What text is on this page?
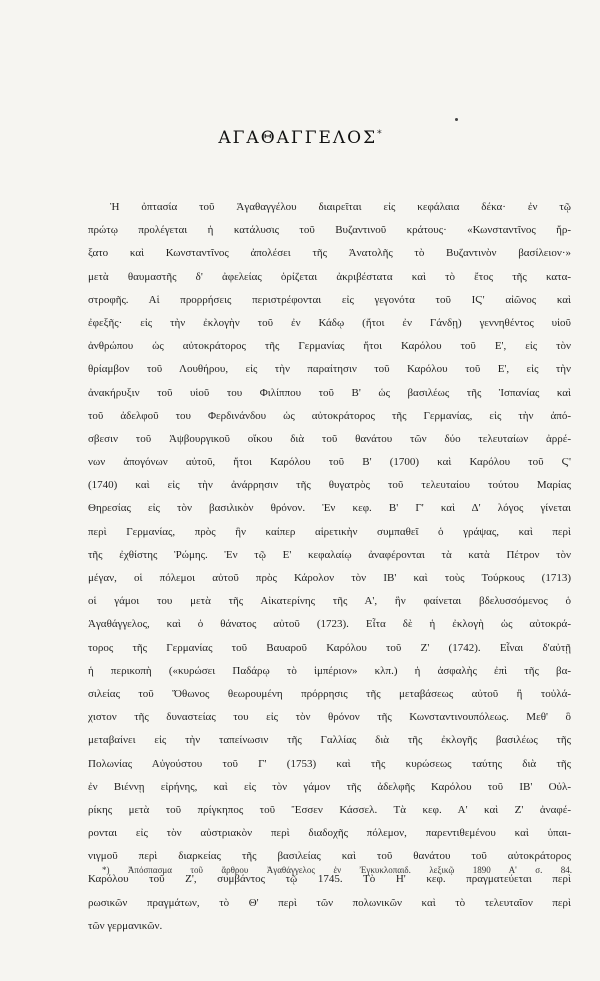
ΑΓΑΘΑΓΓΕΛΟΣ*
Ἡ ὀπτασία τοῦ Ἀγαθαγγέλου διαιρεῖται εἰς κεφάλαια δέκα· ἐν τῷ
πρώτῳ προλέγεται ἡ κατάλυσις τοῦ Βυζαντινοῦ κράτους· «Κωνσταντῖνος ἤρ-
ξατο καὶ Κωνσταντῖνος ἀπολέσει τῆς Ἀνατολῆς τὸ Βυζαντινὸν βασίλειον·»
μετὰ θαυμαστῆς δ' ἀφελείας ὁρίζεται ἀκριβέστατα καὶ τὸ ἔτος τῆς κατα-
στροφῆς. Αἱ προρρήσεις περιστρέφονται εἰς γεγονότα τοῦ ΙϚ' αἰῶνος καὶ
ἐφεξῆς· εἰς τὴν ἐκλογὴν τοῦ ἐν Κάδῳ (ἤτοι ἐν Γάνδῃ) γεννηθέντος υἱοῦ
ἀνθρώπου ὡς αὐτοκράτορος τῆς Γερμανίας ἤτοι Καρόλου τοῦ Ε', εἰς τὸν
θρίαμβον τοῦ Λουθήρου, εἰς τὴν παραίτησιν τοῦ Καρόλου τοῦ Ε', εἰς τὴν
ἀνακήρυξιν τοῦ υἱοῦ του Φιλίππου τοῦ Β' ὡς βασιλέως τῆς Ἱσπανίας καὶ
τοῦ ἀδελφοῦ του Φερδινάνδου ὡς αὐτοκράτορος τῆς Γερμανίας, εἰς τὴν ἀπό-
σβεσιν τοῦ Ἀψβουργικοῦ οἴκου διὰ τοῦ θανάτου τῶν δύο τελευταίων ἀρρέ-
νων ἀπογόνων αὐτοῦ, ἤτοι Καρόλου τοῦ Β' (1700) καὶ Καρόλου τοῦ Ϛ'
(1740) καὶ εἰς τὴν ἀνάρρησιν τῆς θυγατρὸς τοῦ τελευταίου τούτου Μαρίας
Θηρεσίας εἰς τὸν βασιλικὸν θρόνον. Ἐν κεφ. Β' Γ' καὶ Δ' λόγος γίνεται
περὶ Γερμανίας, πρὸς ἣν καίπερ αἱρετικὴν συμπαθεῖ ὁ γράψας, καὶ περὶ
τῆς ἐχθίστης Ῥώμης. Ἐν τῷ Ε' κεφαλαίῳ ἀναφέρονται τὰ κατὰ Πέτρον τὸν
μέγαν, οἱ πόλεμοι αὐτοῦ πρὸς Κάρολον τὸν ΙΒ' καὶ τοὺς Τούρκους (1713)
οἱ γάμοι του μετὰ τῆς Αἰκατερίνης τῆς Α', ἣν φαίνεται βδελυσσόμενος ὁ
Ἀγαθάγγελος, καὶ ὁ θάνατος αὐτοῦ (1723). Εἶτα δὲ ἡ ἐκλογὴ ὡς αὐτοκρά-
τορος τῆς Γερμανίας τοῦ Βαυαροῦ Καρόλου τοῦ Ζ' (1742). Εἶναι δ'αὐτῇ
ἡ περικοπὴ («κυρώσει Παδάρῳ τὸ ἱμπέριον» κλπ.) ἡ ἀσφαλὴς ἐπὶ τῆς βα-
σιλείας τοῦ Ὄθωνος θεωρουμένη πρόρρησις τῆς μεταβάσεως αὐτοῦ ἢ τοὐλά-
χιστον τῆς δυναστείας του εἰς τὸν θρόνον τῆς Κωνσταντινουπόλεως. Μεθ' ὃ
μεταβαίνει εἰς τὴν ταπείνωσιν τῆς Γαλλίας διὰ τῆς ἐκλογῆς βασιλέως τῆς
Πολωνίας Αὐγούστου τοῦ Γ' (1753) καὶ τῆς κυρώσεως ταύτης διὰ τῆς
ἐν Βιέννῃ εἰρήνης, καὶ εἰς τὸν γάμον τῆς ἀδελφῆς Καρόλου τοῦ ΙΒ' Οὐλ-
ρίκης μετὰ τοῦ πρίγκηπος τοῦ Ἔσσεν Κάσσελ. Τὰ κεφ. Α' καὶ Ζ' ἀναφέ-
ρονται εἰς τὸν αὐστριακὸν περὶ διαδοχῆς πόλεμον, παρεντιθεμένου καὶ ὑπαι-
νιγμοῦ περὶ διαρκείας τῆς βασιλείας καὶ τοῦ θανάτου τοῦ αὐτοκράτορος
Καρόλου τοῦ Ζ', συμβάντος τῷ 1745. Τὸ Η' κεφ. πραγματεύεται περὶ
ρωσικῶν πραγμάτων, τὸ Θ' περὶ τῶν πολωνικῶν καὶ τὸ τελευταῖον περὶ
τῶν γερμανικῶν.
*) Ἀπόσπασμα τοῦ ἄρθρου Ἀγαθάγγελος ἐν Ἐγκυκλοπαιδ. λεξικῷ 1890 Α' σ. 84.
